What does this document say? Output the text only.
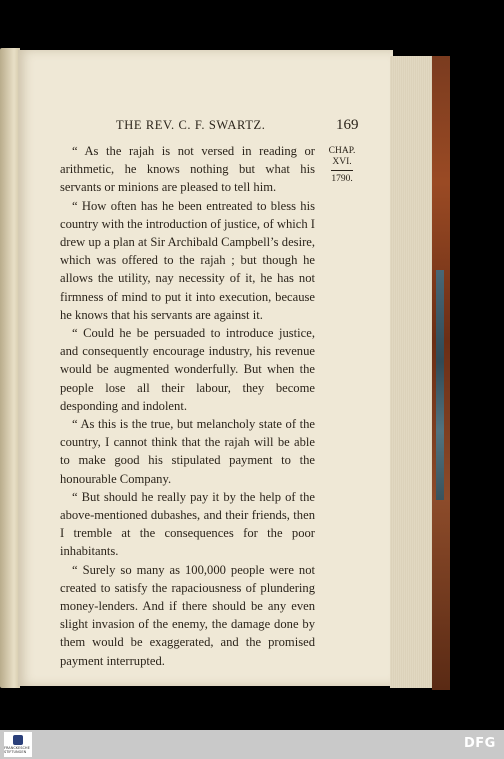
THE REV. C. F. SWARTZ.	169
CHAP.
XVI.
1790.

“ As the rajah is not versed in reading or arithmetic, he knows nothing but what his servants or minions are pleased to tell him.

“ How often has he been entreated to bless his country with the introduction of justice, of which I drew up a plan at Sir Archibald Campbell’s desire, which was offered to the rajah ; but though he allows the utility, nay necessity of it, he has not firmness of mind to put it into execution, because he knows that his servants are against it.

“ Could he be persuaded to introduce justice, and consequently encourage industry, his revenue would be augmented wonderfully. But when the people lose all their labour, they become desponding and indolent.

“ As this is the true, but melancholy state of the country, I cannot think that the rajah will be able to make good his stipulated payment to the honourable Company.

“ But should he really pay it by the help of the above-mentioned dubashes, and their friends, then I tremble at the consequences for the poor inhabitants.

“ Surely so many as 100,000 people were not created to satisfy the rapaciousness of plundering money-lenders. And if there should be any even slight invasion of the enemy, the damage done by them would be exaggerated, and the promised payment interrupted.

FRANCKESCHE STIFTUNGEN
DFG
